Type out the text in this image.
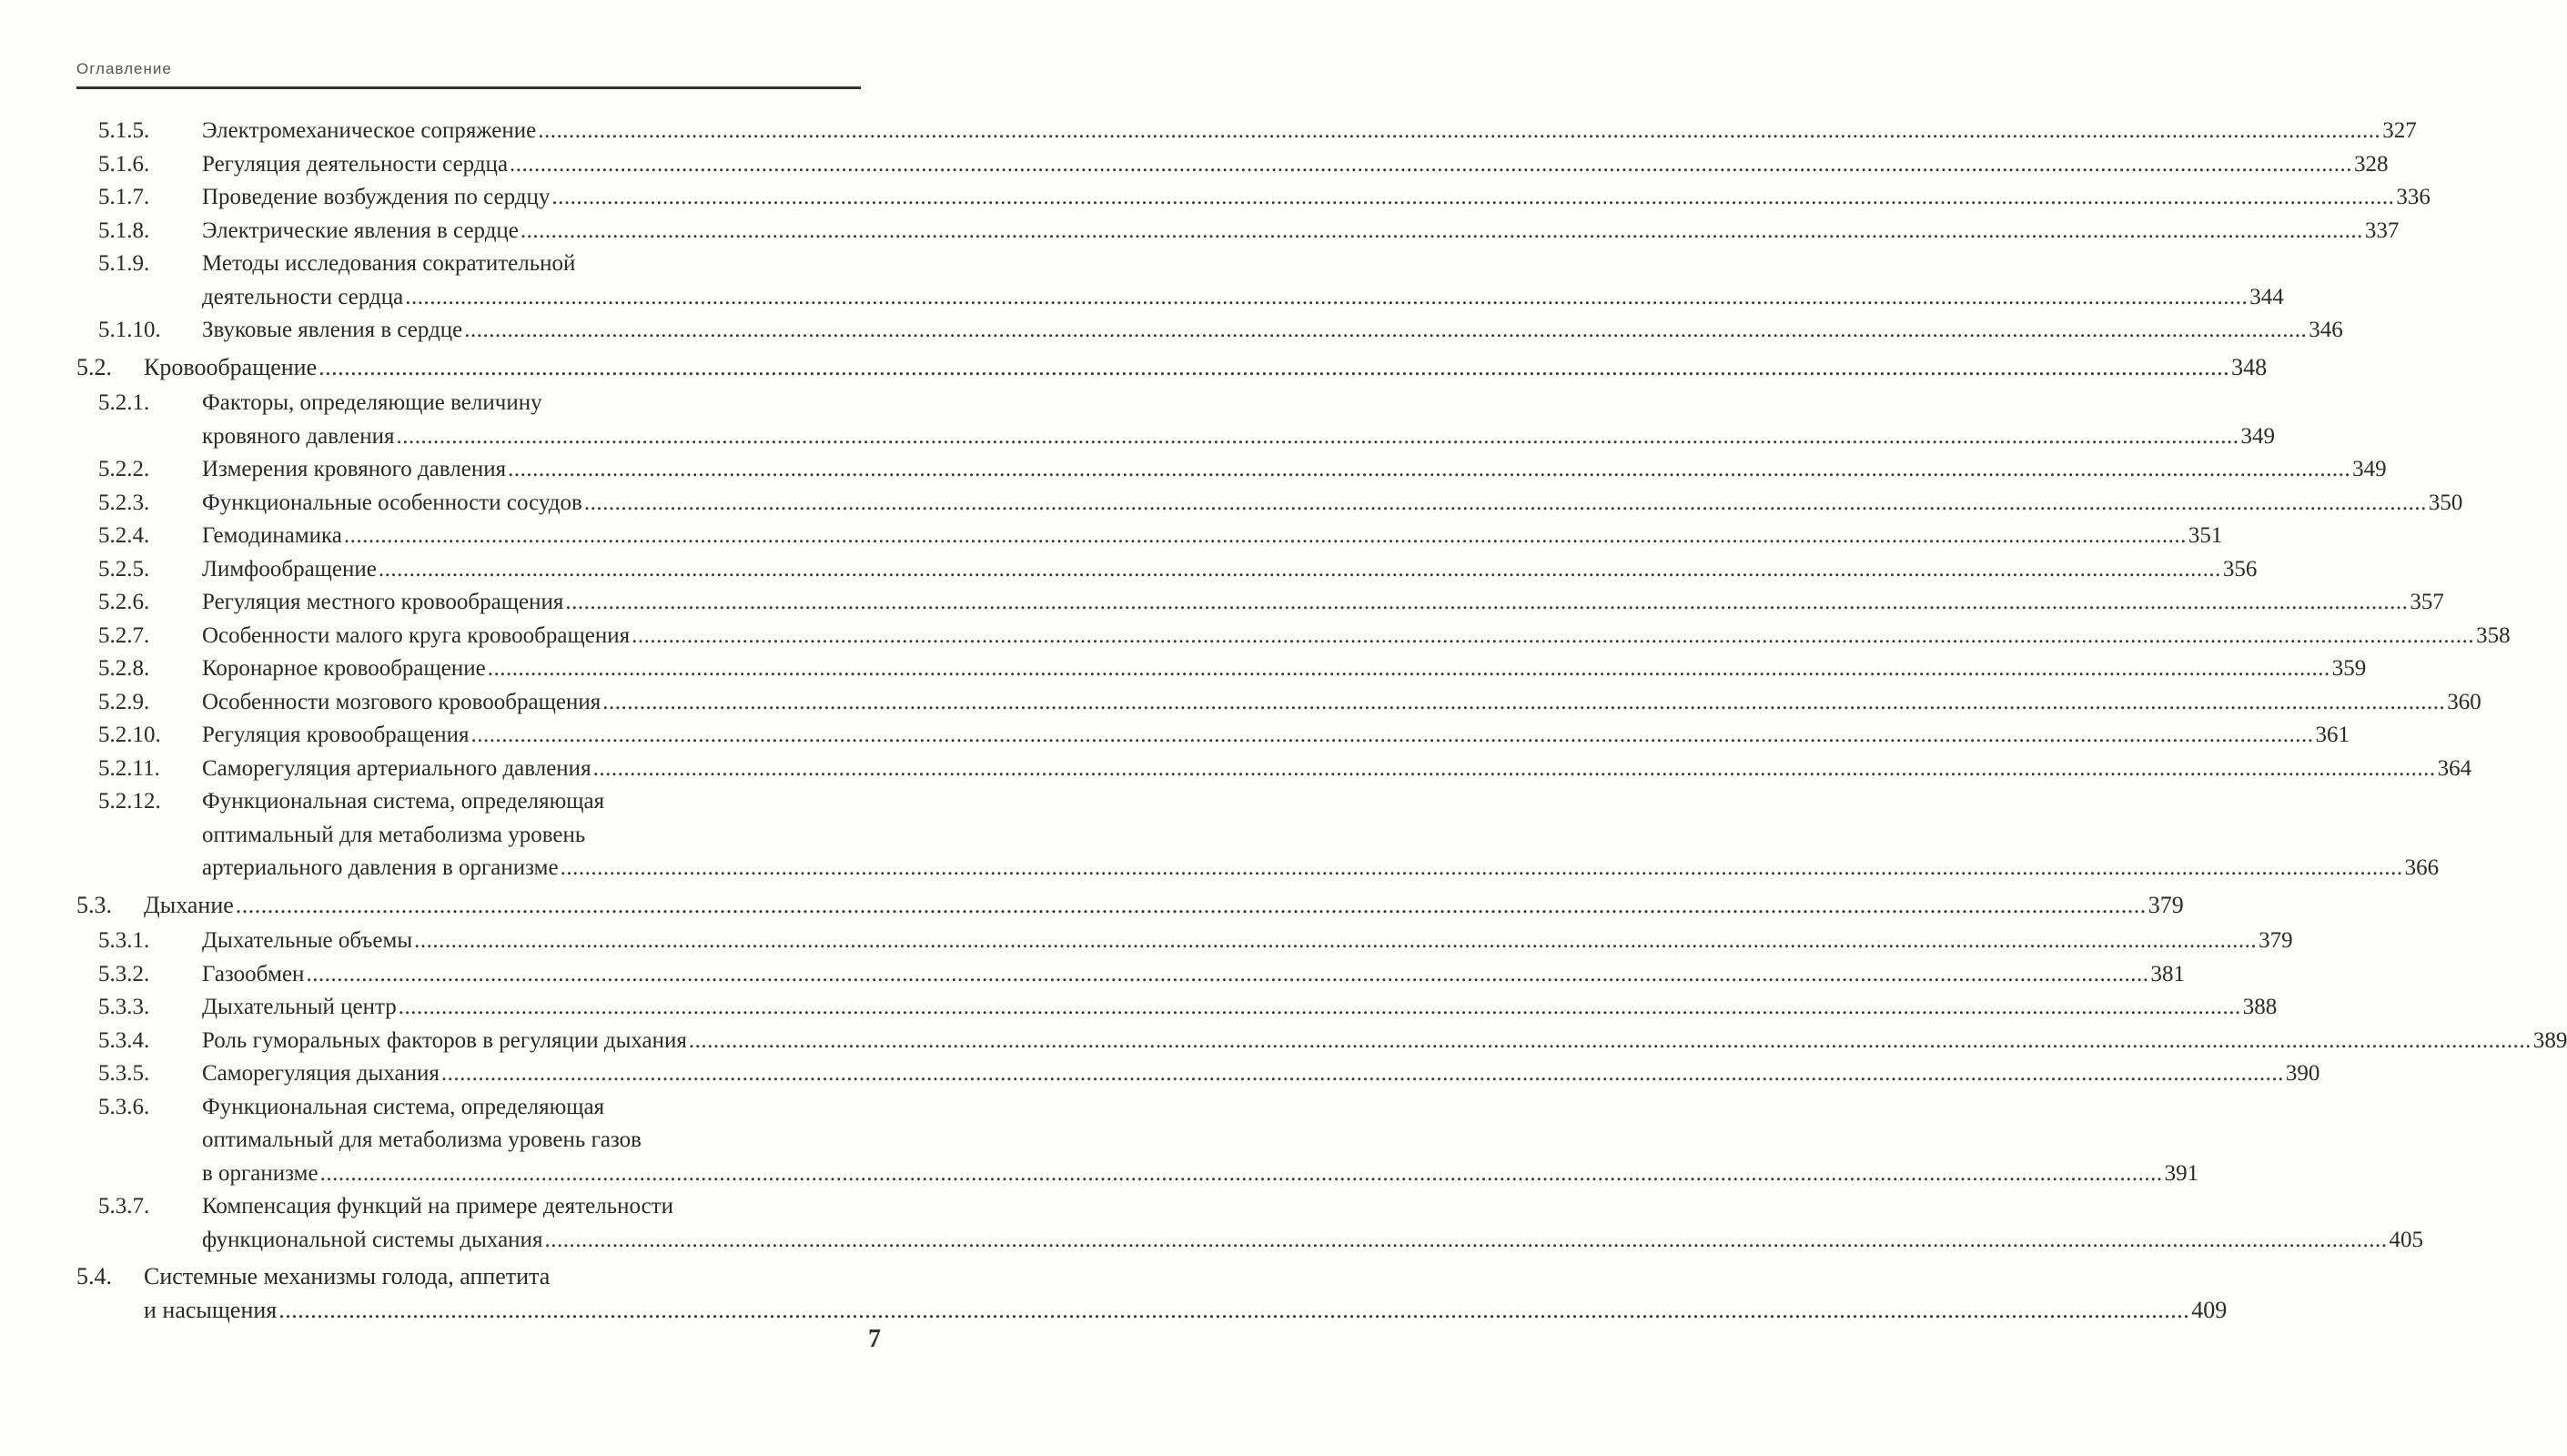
Оглавление
5.1.5.	Электромеханическое сопряжение ............................................................................................................................................................................................................................................................................................................ 327
5.1.6.	Регуляция деятельности сердца ............................................................................................................................................................................................................................................................................................................ 328
5.1.7.	Проведение возбуждения по сердцу ............................................................................................................................................................................................................................................................................................................ 336
5.1.8.	Электрические явления в сердце ............................................................................................................................................................................................................................................................................................................ 337
5.1.9.	Методы исследования сократительной
деятельности сердца ............................................................................................................................................................................................................................................................................................................ 344
5.1.10.	Звуковые явления в сердце ............................................................................................................................................................................................................................................................................................................ 346
5.2.	Кровообращение ............................................................................................................................................................................................................................................................................................................ 348
5.2.1.	Факторы, определяющие величину
кровяного давления ............................................................................................................................................................................................................................................................................................................ 349
5.2.2.	Измерения кровяного давления ............................................................................................................................................................................................................................................................................................................ 349
5.2.3.	Функциональные особенности сосудов ............................................................................................................................................................................................................................................................................................................ 350
5.2.4.	Гемодинамика ............................................................................................................................................................................................................................................................................................................ 351
5.2.5.	Лимфообращение ............................................................................................................................................................................................................................................................................................................ 356
5.2.6.	Регуляция местного кровообращения ............................................................................................................................................................................................................................................................................................................ 357
5.2.7.	Особенности малого круга кровообращения ............................................................................................................................................................................................................................................................................................................ 358
5.2.8.	Коронарное кровообращение ............................................................................................................................................................................................................................................................................................................ 359
5.2.9.	Особенности мозгового кровообращения ............................................................................................................................................................................................................................................................................................................ 360
5.2.10.	Регуляция кровообращения ............................................................................................................................................................................................................................................................................................................ 361
5.2.11.	Саморегуляция артериального давления ............................................................................................................................................................................................................................................................................................................ 364
5.2.12.	Функциональная система, определяющая
оптимальный для метаболизма уровень
артериального давления в организме ............................................................................................................................................................................................................................................................................................................ 366
5.3.	Дыхание ............................................................................................................................................................................................................................................................................................................ 379
5.3.1.	Дыхательные объемы ............................................................................................................................................................................................................................................................................................................ 379
5.3.2.	Газообмен ............................................................................................................................................................................................................................................................................................................ 381
5.3.3.	Дыхательный центр ............................................................................................................................................................................................................................................................................................................ 388
5.3.4.	Роль гуморальных факторов в регуляции дыхания ............................................................................................................................................................................................................................................................................................................ 389
5.3.5.	Саморегуляция дыхания ............................................................................................................................................................................................................................................................................................................ 390
5.3.6.	Функциональная система, определяющая
оптимальный для метаболизма уровень газов
в организме ............................................................................................................................................................................................................................................................................................................ 391
5.3.7.	Компенсация функций на примере деятельности
функциональной системы дыхания ............................................................................................................................................................................................................................................................................................................ 405
5.4.	Системные механизмы голода, аппетита
и насыщения ............................................................................................................................................................................................................................................................................................................ 409
7
